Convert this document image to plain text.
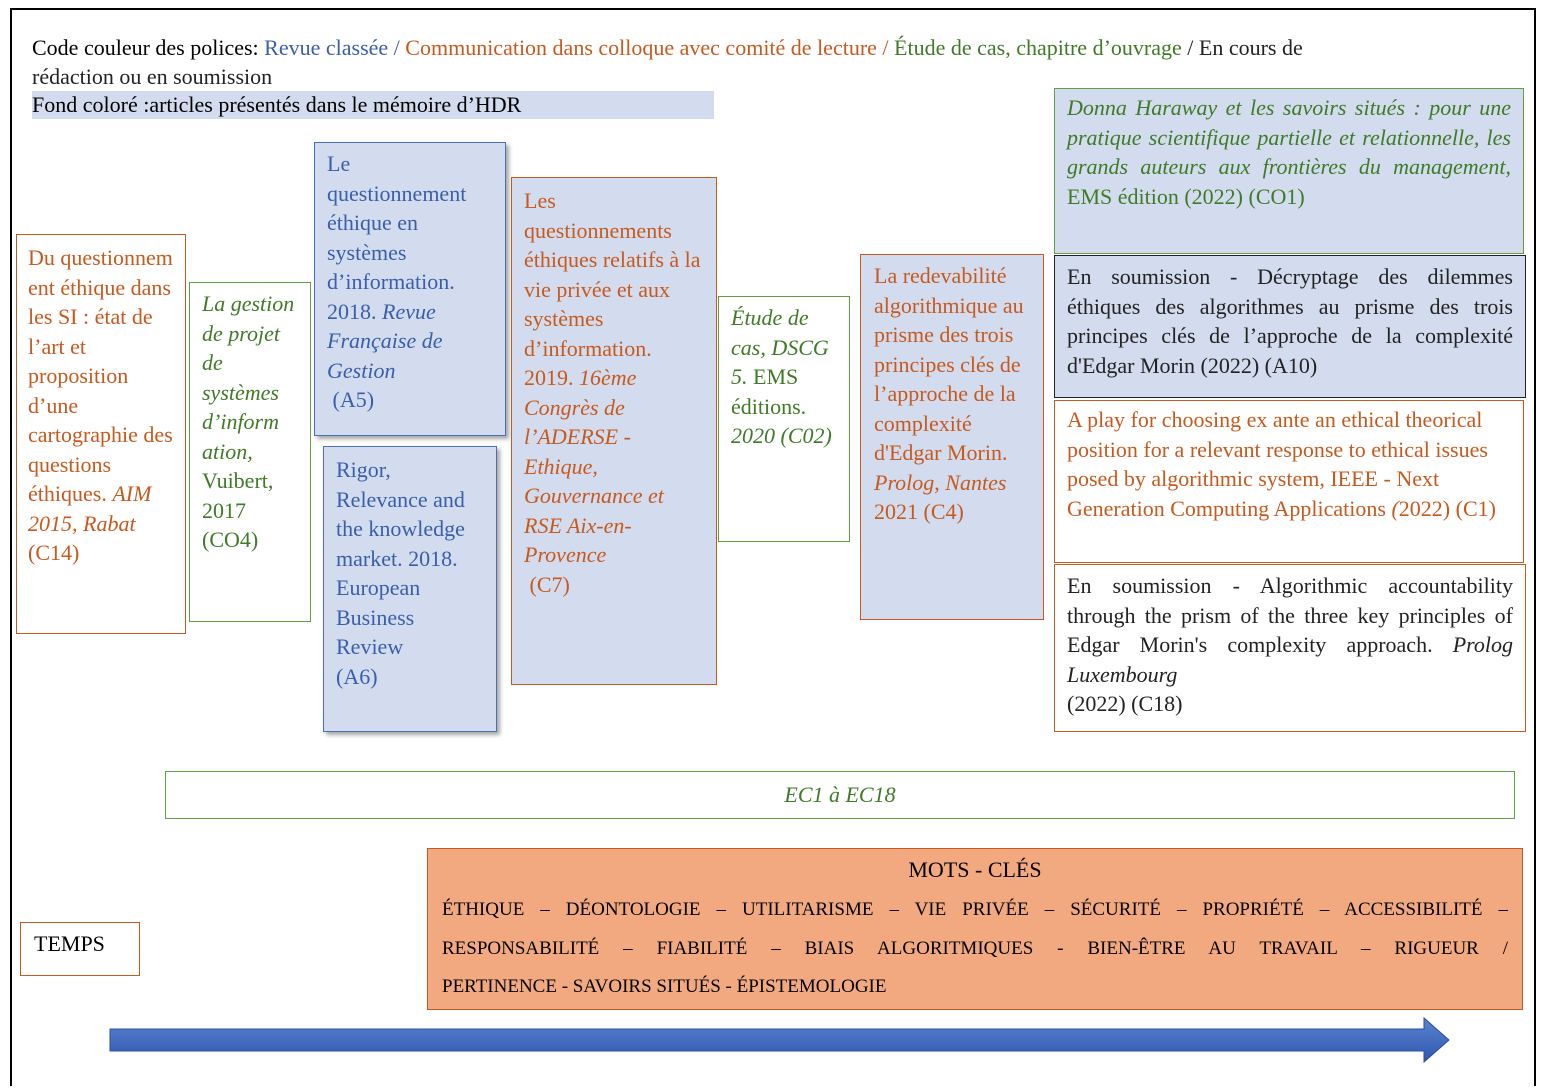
Code couleur des polices: Revue classée / Communication dans colloque avec comité de lecture / Étude de cas, chapitre d’ouvrage / En cours de
rédaction ou en soumission
Fond coloré :articles présentés dans le mémoire d’HDR
Du questionnem ent éthique dans les SI : état de l’art et proposition d’une cartographie des questions éthiques. AIM 2015, Rabat (C14)
La gestion de projet de systèmes d’inform ation, Vuibert, 2017 (CO4)
Le questionnement éthique en systèmes d’information. 2018. Revue Française de Gestion
(A5)
Rigor, Relevance and the knowledge market. 2018. European Business Review
(A6)
Les questionnements éthiques relatifs à la vie privée et aux systèmes d’information. 2019. 16ème Congrès de l’ADERSE - Ethique, Gouvernance et RSE Aix-en-Provence
(C7)
Étude de cas, DSCG 5. EMS éditions. 2020 (C02)
La redevabilité algorithmique au prisme des trois principes clés de l’approche de la complexité d'Edgar Morin. Prolog, Nantes 2021 (C4)
Donna Haraway et les savoirs situés : pour une pratique scientifique partielle et relationnelle, les grands auteurs aux frontières du management, EMS édition (2022) (CO1)
En soumission - Décryptage des dilemmes éthiques des algorithmes au prisme des trois principes clés de l’approche de la complexité d'Edgar Morin (2022) (A10)
A play for choosing ex ante an ethical theorical position for a relevant response to ethical issues posed by algorithmic system, IEEE - Next Generation Computing Applications (2022) (C1)
En soumission - Algorithmic accountability through the prism of the three key principles of Edgar Morin's complexity approach. Prolog Luxembourg
(2022) (C18)
EC1 à EC18
MOTS - CLÉS
ÉTHIQUE – DÉONTOLOGIE – UTILITARISME – VIE PRIVÉE – SÉCURITÉ – PROPRIÉTÉ – ACCESSIBILITÉ –
RESPONSABILITÉ – FIABILITÉ – BIAIS ALGORITMIQUES - BIEN-ÊTRE AU TRAVAIL – RIGUEUR /
PERTINENCE - SAVOIRS SITUÉS - ÉPISTEMOLOGIE
TEMPS
